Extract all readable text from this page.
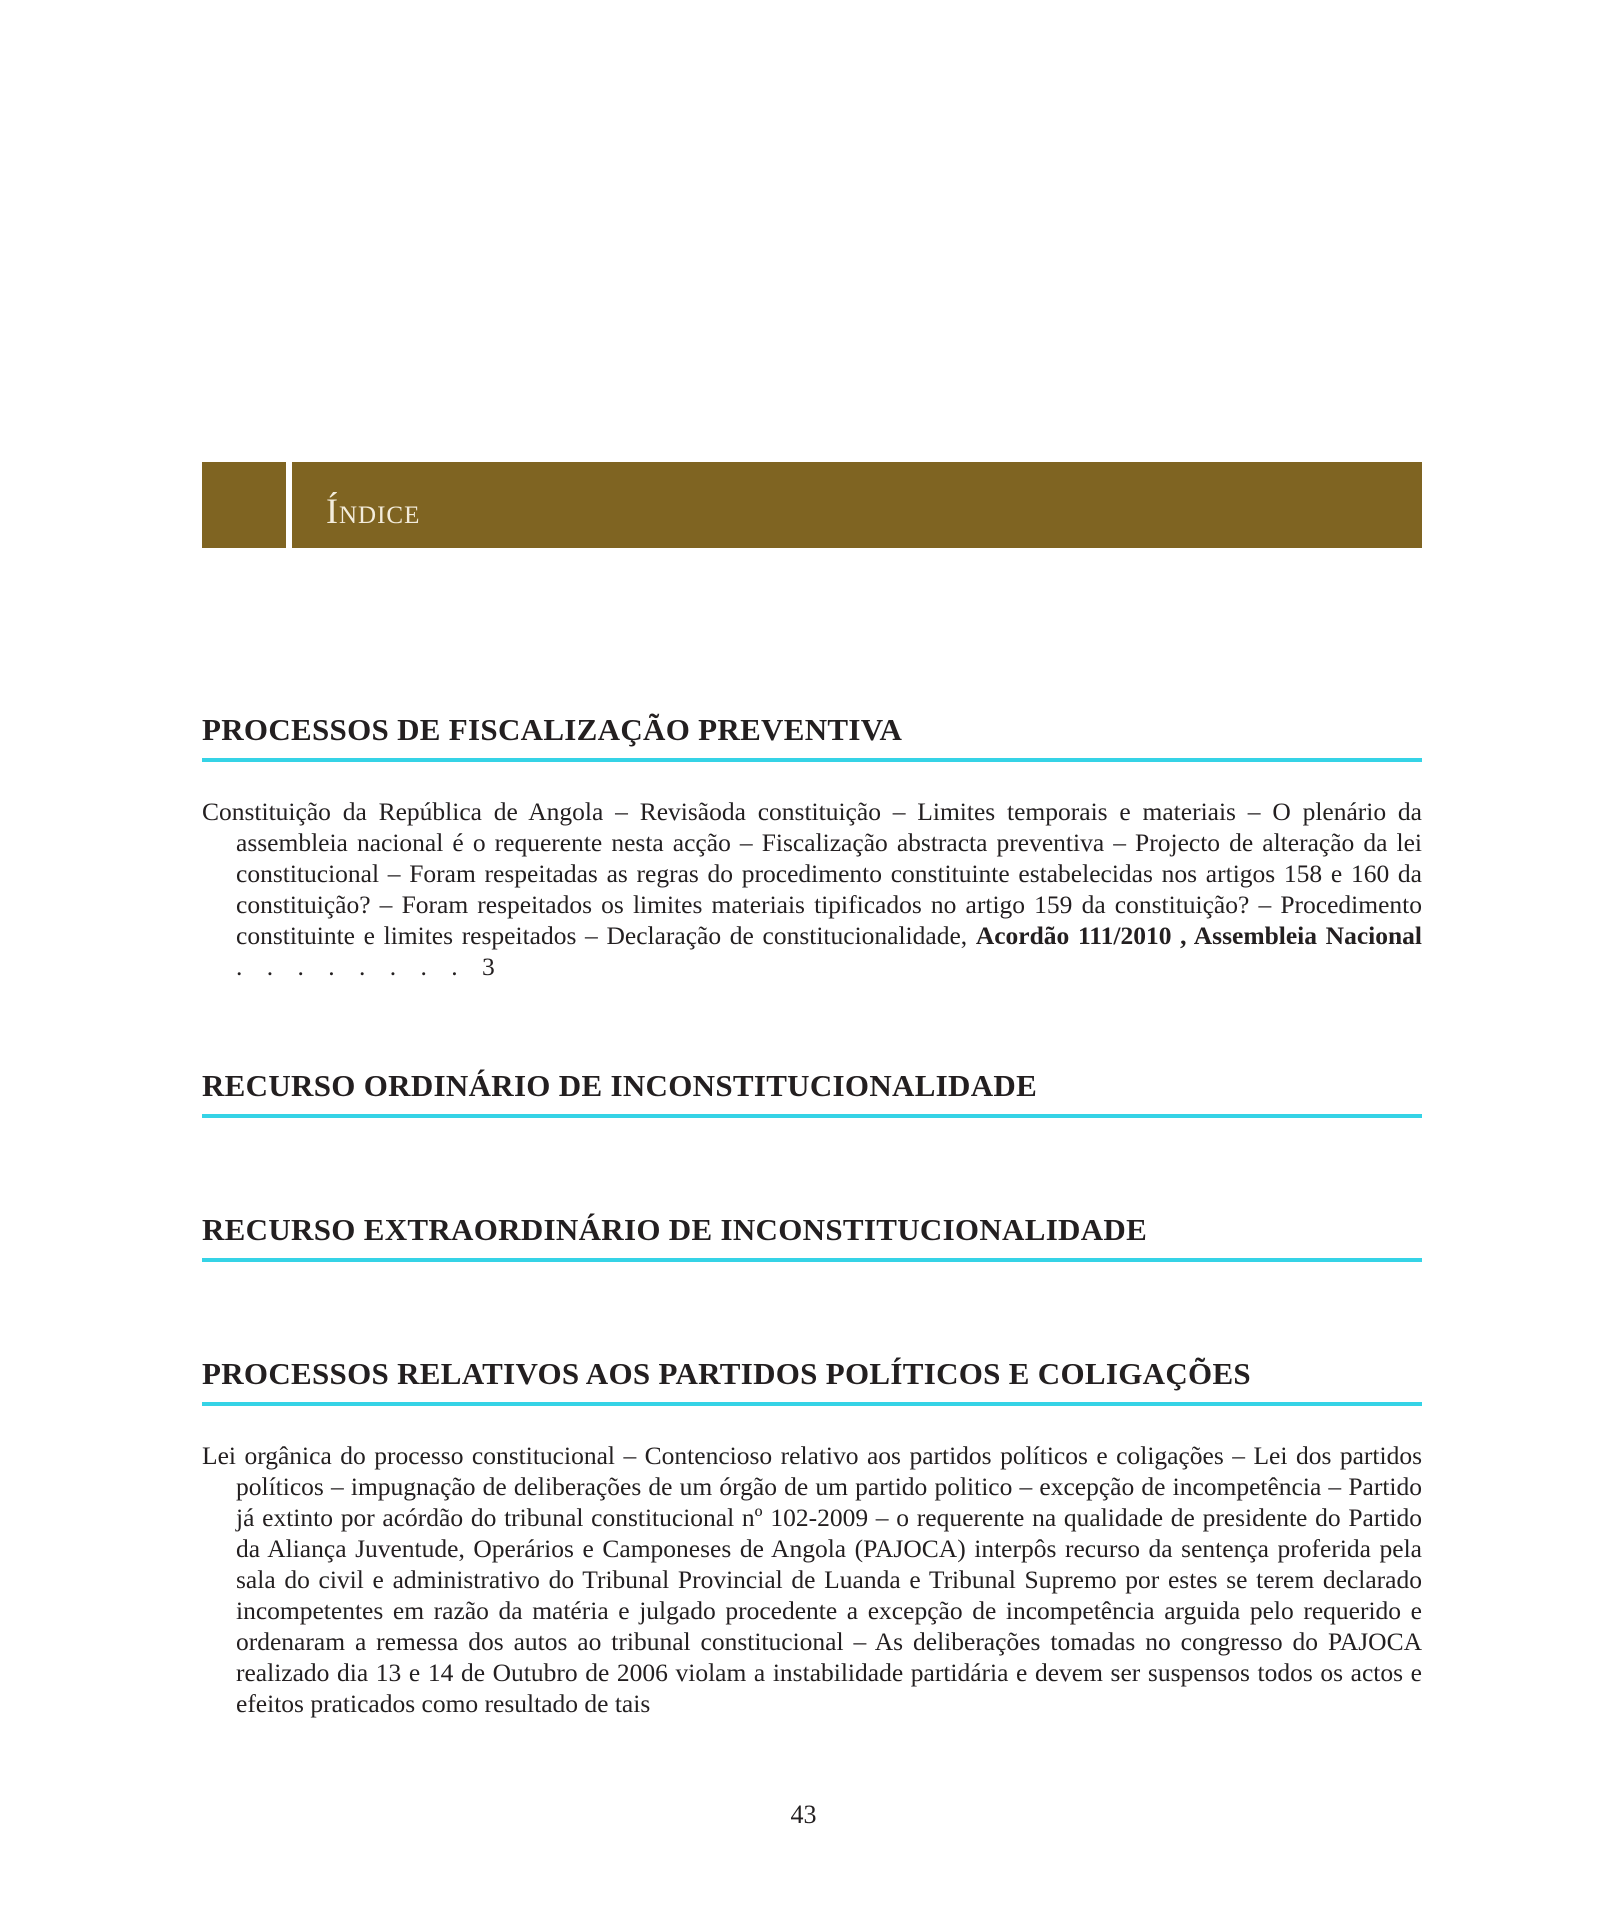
Índice
PROCESSOS DE FISCALIZAÇÃO PREVENTIVA
Constituição da República de Angola – Revisãoda constituição – Limites temporais e materiais – O plenário da assembleia nacional é o requerente nesta acção – Fiscalização abstracta preventiva – Projecto de alteração da lei constitucional – Foram respeitadas as regras do procedimento constituinte estabelecidas nos artigos 158 e 160 da constituição? – Foram respeitados os limites materiais tipificados no artigo 159 da constituição? – Procedimento constituinte e limites respeitados – Declaração de constitucionalidade, Acordão 111/2010 , Assembleia Nacional . . . . . . . . 3
RECURSO ORDINÁRIO DE INCONSTITUCIONALIDADE
RECURSO EXTRAORDINÁRIO DE INCONSTITUCIONALIDADE
PROCESSOS RELATIVOS AOS PARTIDOS POLÍTICOS E COLIGAÇÕES
Lei orgânica do processo constitucional – Contencioso relativo aos partidos políticos e coligações – Lei dos partidos políticos – impugnação de deliberações de um órgão de um partido politico – excepção de incompetência – Partido já extinto por acórdão do tribunal constitucional nº 102-2009 – o requerente na qualidade de presidente do Partido da Aliança Juventude, Operários e Camponeses de Angola (PAJOCA) interpôs recurso da sentença proferida pela sala do civil e administrativo do Tribunal Provincial de Luanda e Tribunal Supremo por estes se terem declarado incompetentes em razão da matéria e julgado procedente a excepção de incompetência arguida pelo requerido e ordenaram a remessa dos autos ao tribunal constitucional – As deliberações tomadas no congresso do PAJOCA realizado dia 13 e 14 de Outubro de 2006 violam a instabilidade partidária e devem ser suspensos todos os actos e efeitos praticados como resultado de tais
43
